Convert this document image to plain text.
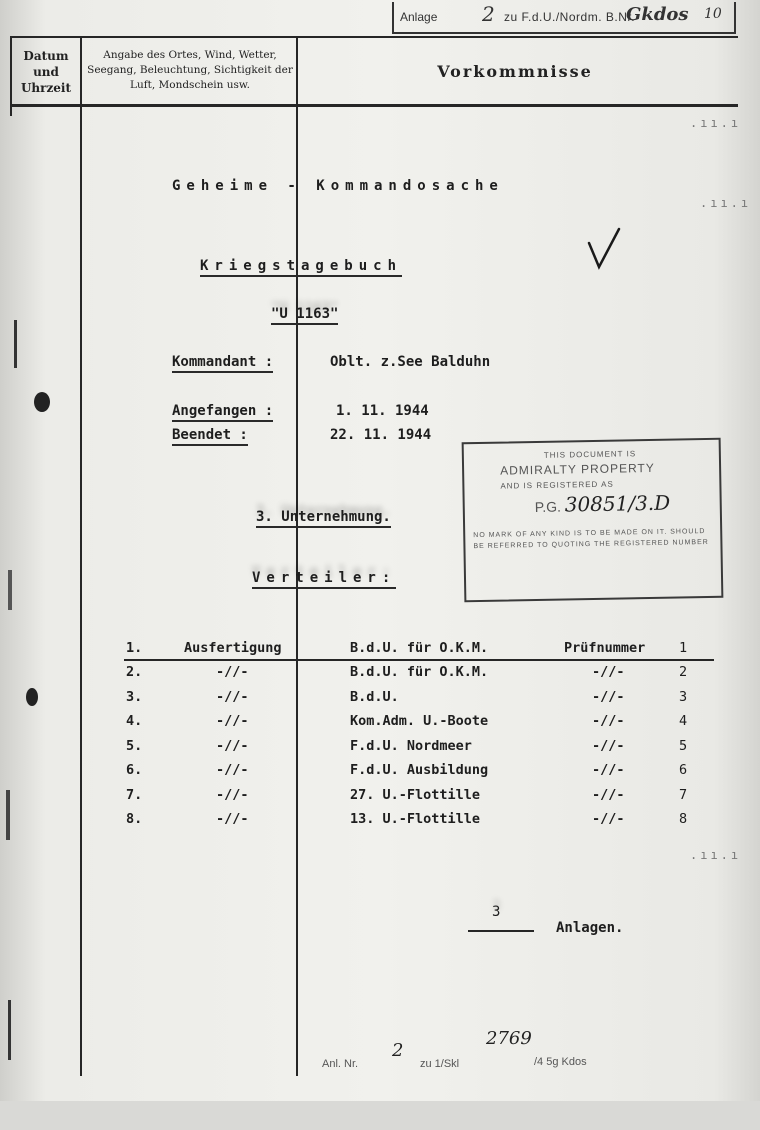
Anlage 2 zu F.d.U./Nordm. B.Nr.
Gkdos 10
Datum und Uhrzeit
Angabe des Ortes, Wind, Wetter, Seegang, Beleuchtung, Sichtigkeit der Luft, Mondschein usw.
Vorkommnisse
.ıı.ı
.ıı.ı
.ıı.ı
Geheime - Kommandosache
Kriegstagebuch
"U 1163"
Kommandant :	Oblt. z.See Balduhn
Angefangen :	1. 11. 1944
Beendet :	22. 11. 1944
THIS DOCUMENT IS
ADMIRALTY PROPERTY
AND IS REGISTERED AS
P.G. 30851/3.D
NO MARK OF ANY KIND IS TO BE MADE ON IT. SHOULD BE REFERRED TO QUOTING THE REGISTERED NUMBER
3. Unternehmung.
Verteiler:
1.	Ausfertigung	B.d.U. für O.K.M.	Prüfnummer 1
2.	-//-	B.d.U. für O.K.M.	-//-	2
3.	-//-	B.d.U.	-//-	3
4.	-//-	Kom.Adm. U.-Boote	-//-	4
5.	-//-	F.d.U. Nordmeer	-//-	5
6.	-//-	F.d.U. Ausbildung	-//-	6
7.	-//-	27. U.-Flottille	-//-	7
8.	-//-	13. U.-Flottille	-//-	8
3
Anlagen.

Anl. Nr.

2

zu 1/Skl

2769

/4 5g Kdos
